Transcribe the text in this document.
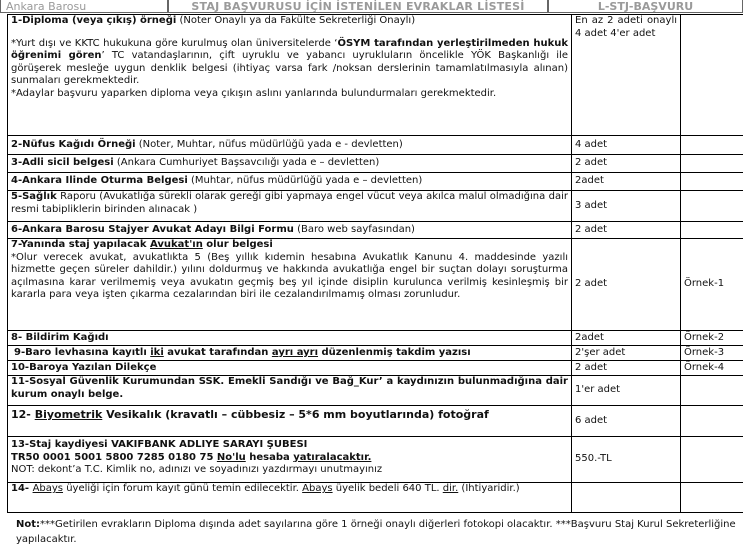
Ankara Barosu	STAJ BAŞVURUSU İÇİN İSTENİLEN EVRAKLAR LİSTESİ	L-STJ-BAŞVURU
1-Diploma (veya çıkış) örneği (Noter Onaylı ya da Fakülte Sekreterliği Onaylı)
*Yurt dışı ve KKTC hukukuna göre kurulmuş olan üniversitelerde ‘ÖSYM tarafından yerleştirilmeden hukuk öğrenimi gören’ TC vatandaşlarının, çift uyruklu ve yabancı uyrukluların öncelikle YÖK Başkanlığı ile görüşerek mesleğe uygun denklik belgesi (ihtiyaç varsa fark /noksan derslerinin tamamlatılmasıyla alınan) sunmaları gerekmektedir.
*Adaylar başvuru yaparken diploma veya çıkışın aslını yanlarında bulundurmaları gerekmektedir.	En az 2 adeti onaylı 4 adet 4'er adet	
2-Nüfus Kağıdı Örneği (Noter, Muhtar, nüfus müdürlüğü yada e - devletten)	4 adet	
3-Adli sicil belgesi (Ankara Cumhuriyet Başsavcılığı yada e – devletten)	2 adet	
4-Ankara Ilinde Oturma Belgesi (Muhtar, nüfus müdürlüğü yada e – devletten)	2adet	
5-Sağlık Raporu (Avukatlığa sürekli olarak gereği gibi yapmaya engel vücut veya akılca malul olmadığına dair resmi tabipliklerin birinden alınacak )	3 adet	
6-Ankara Barosu Stajyer Avukat Adayı Bilgi Formu (Baro web sayfasından)	2 adet	

7-Yanında staj yapılacak Avukat'ın olur belgesi
*Olur verecek avukat, avukatlıkta 5 (Beş yıllık kıdemin hesabına Avukatlık Kanunu 4. maddesinde yazılı hizmette geçen süreler dahildir.) yılını doldurmuş ve hakkında avukatlığa engel bir suçtan dolayı soruşturma açılmasına karar verilmemiş veya avukatın geçmiş beş yıl içinde disiplin kurulunca verilmiş kesinleşmiş bir kararla para veya işten çıkarma cezalarından biri ile cezalandırılmamış olması zorunludur.	2 adet	Örnek-1
8- Bildirim Kağıdı	2adet	Örnek-2
9-Baro levhasına kayıtlı iki avukat tarafından ayrı ayrı düzenlenmiş takdim yazısı	2'şer adet	Örnek-3
10-Baroya Yazılan Dilekçe	2 adet	Örnek-4
11-Sosyal Güvenlik Kurumundan SSK. Emekli Sandığı ve Bağ_Kur’ a kaydınızın bulunmadığına dair kurum onaylı belge.	1'er adet	
12- Biyometrik Vesikalık (kravatlı – cübbesiz – 5*6 mm boyutlarında) fotoğraf	6 adet	

13-Staj kaydiyesi VAKIFBANK ADLIYE SARAYI ŞUBESI
TR50 0001 5001 5800 7285 0180 75 No'lu hesaba yatıralacaktır.
NOT: dekont’a T.C. Kimlik no, adınızı ve soyadınızı yazdırmayı unutmayınız	550.-TL	
14- Abays üyeliği için forum kayıt günü temin edilecektir. Abays üyelik bedeli 640 TL. dir. (İhtiyaridir.)		
Not:***Getirilen evrakların Diploma dışında adet sayılarına göre 1 örneği onaylı diğerleri fotokopi olacaktır. ***Başvuru Staj Kurul Sekreterliğine yapılacaktır.
